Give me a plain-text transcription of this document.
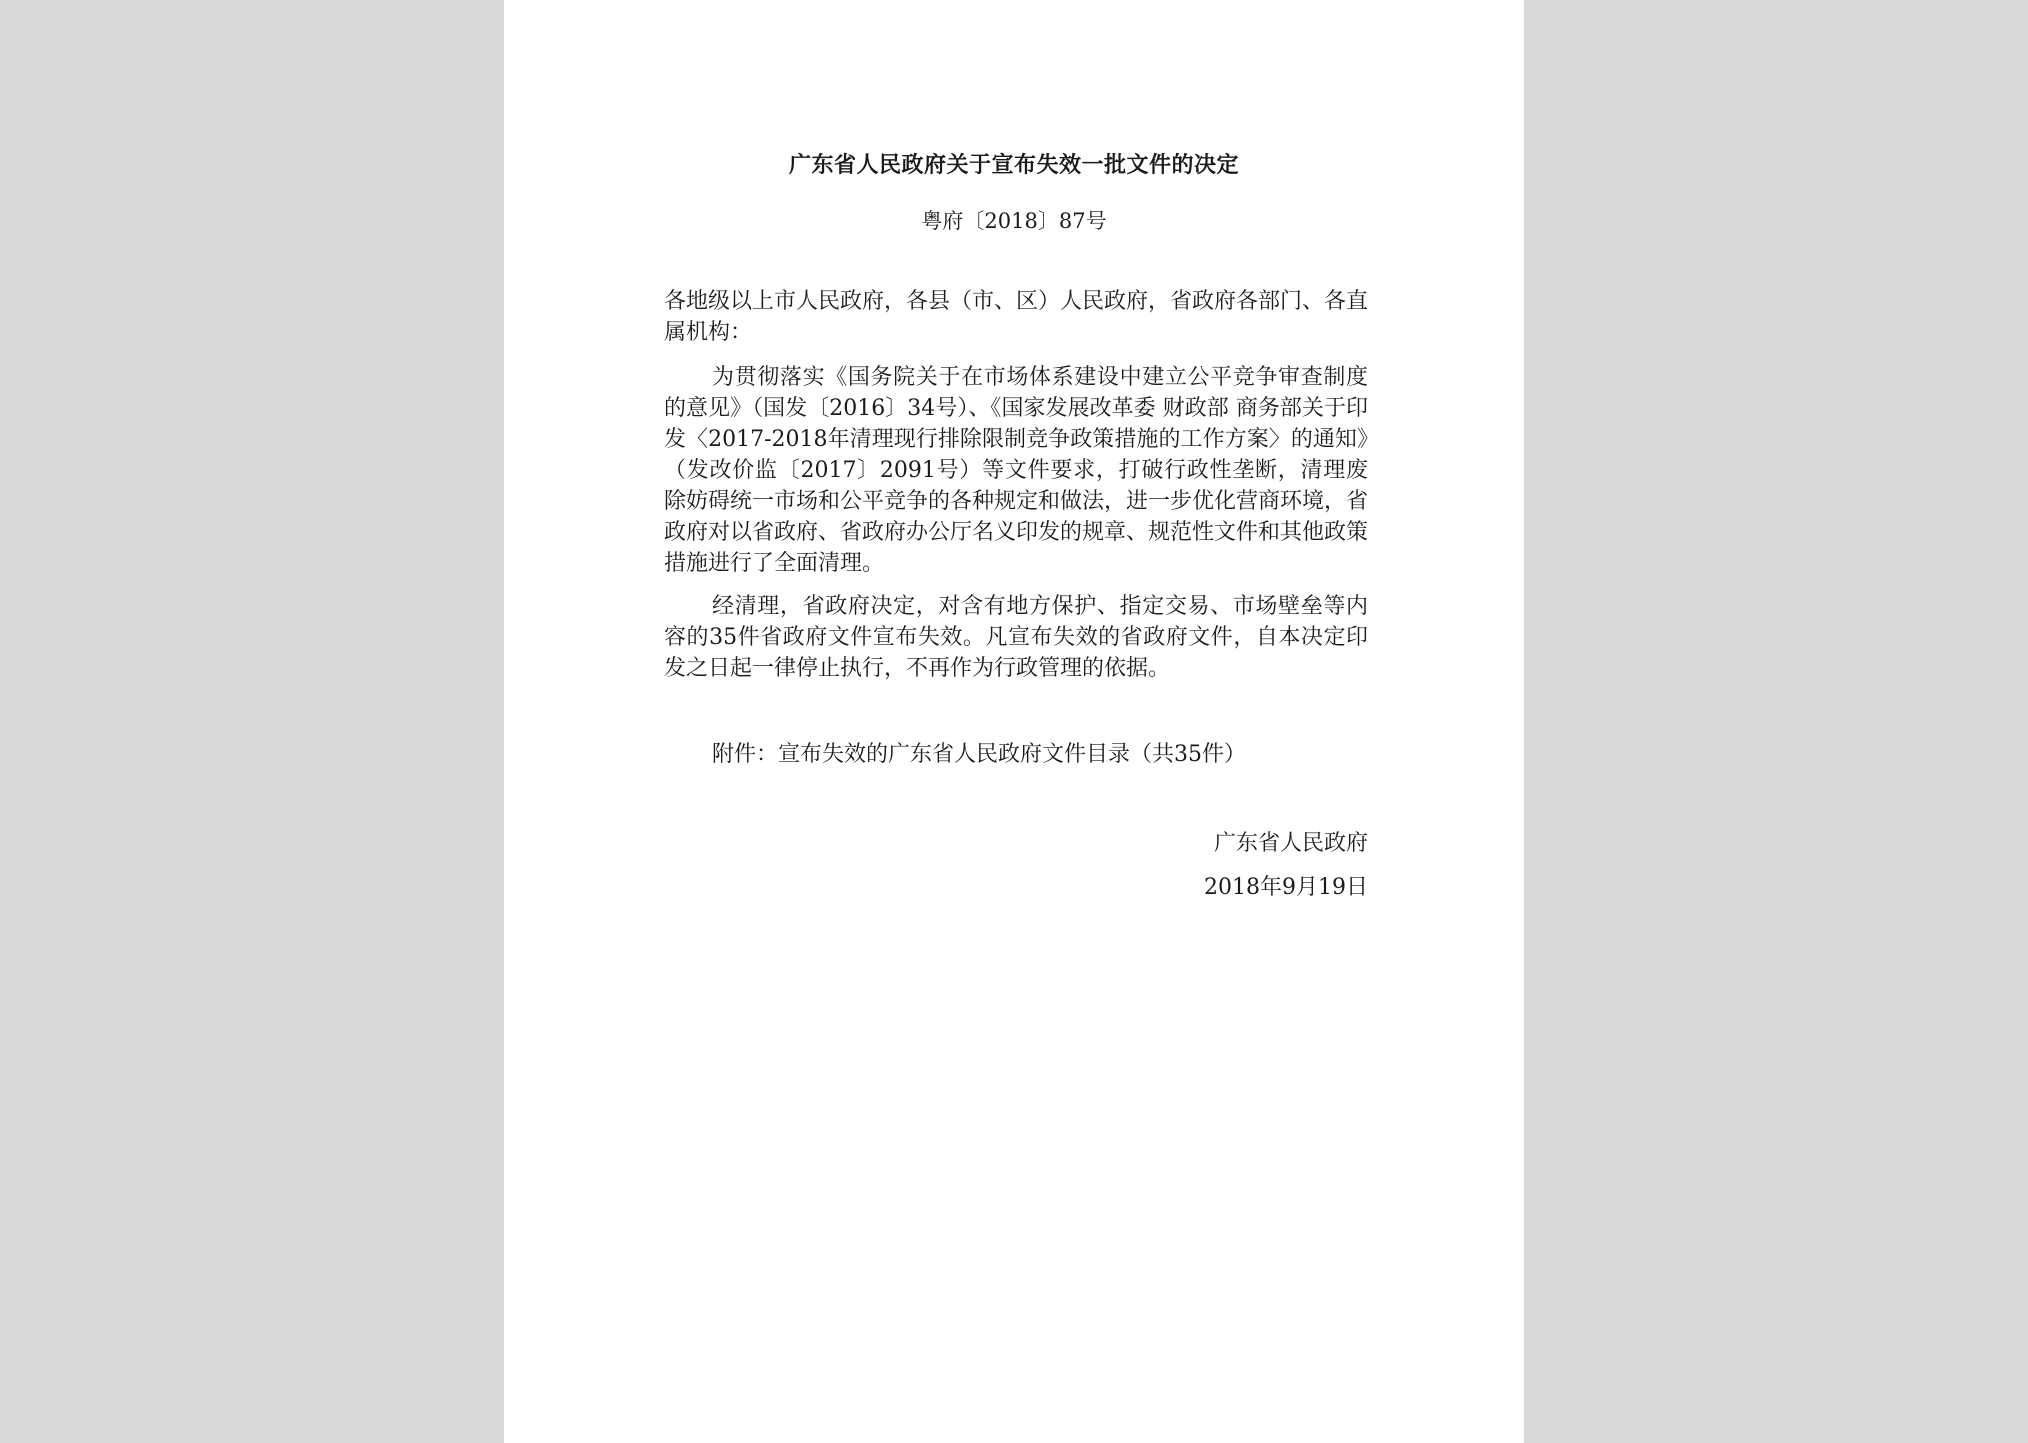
广东省人民政府关于宣布失效一批文件的决定
粤府〔2018〕87号
各地级以上市人民政府，各县（市、区）人民政府，省政府各部门、各直属机构：

为贯彻落实《国务院关于在市场体系建设中建立公平竞争审查制度的意见》（国发〔2016〕34号）、《国家发展改革委 财政部 商务部关于印发〈2017-2018年清理现行排除限制竞争政策措施的工作方案〉的通知》（发改价监〔2017〕2091号）等文件要求，打破行政性垄断，清理废除妨碍统一市场和公平竞争的各种规定和做法，进一步优化营商环境，省政府对以省政府、省政府办公厅名义印发的规章、规范性文件和其他政策措施进行了全面清理。

经清理，省政府决定，对含有地方保护、指定交易、市场壁垒等内容的35件省政府文件宣布失效。凡宣布失效的省政府文件，自本决定印发之日起一律停止执行，不再作为行政管理的依据。

附件：宣布失效的广东省人民政府文件目录（共35件）
广东省人民政府
2018年9月19日
